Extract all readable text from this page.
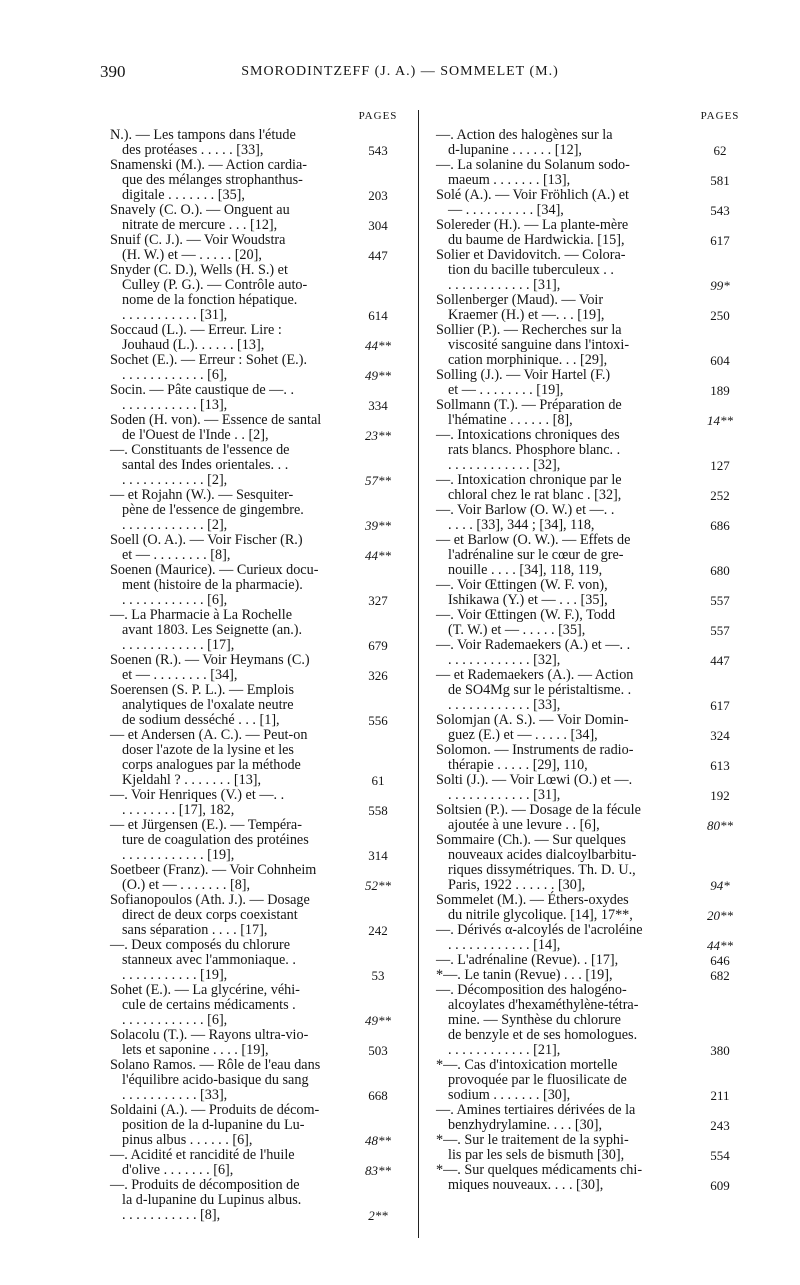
390	SMORODINTZEFF (J. A.) — SOMMELET (M.)
PAGES
N.). — Les tampons dans l'étude
des protéases . . . . . [33],	543
Snamenski (M.). — Action cardia-
que des mélanges strophanthus-
digitale . . . . . . . [35],	203
Snavely (C. O.). — Onguent au
nitrate de mercure . . . [12],	304
Snuif (C. J.). — Voir Woudstra
(H. W.) et — . . . . . [20],	447
Snyder (C. D.), Wells (H. S.) et
Culley (P. G.). — Contrôle auto-
nome de la fonction hépatique.
. . . . . . . . . . . [31],	614
Soccaud (L.). — Erreur. Lire :
Jouhaud (L.). . . . . . [13],	44**
Sochet (E.). — Erreur : Sohet (E.).
. . . . . . . . . . . . [6],	49**
Socin. — Pâte caustique de —. .
. . . . . . . . . . . [13],	334
Soden (H. von). — Essence de santal
de l'Ouest de l'Inde . . [2],	23**
—. Constituants de l'essence de
santal des Indes orientales. . .
. . . . . . . . . . . . [2],	57**
— et Rojahn (W.). — Sesquiter-
pène de l'essence de gingembre.
. . . . . . . . . . . . [2],	39**
Soell (O. A.). — Voir Fischer (R.)
et — . . . . . . . . [8],	44**
Soenen (Maurice). — Curieux docu-
ment (histoire de la pharmacie).
. . . . . . . . . . . . [6],	327
—. La Pharmacie à La Rochelle
avant 1803. Les Seignette (an.).
. . . . . . . . . . . . [17],	679
Soenen (R.). — Voir Heymans (C.)
et — . . . . . . . . [34],	326
Soerensen (S. P. L.). — Emplois
analytiques de l'oxalate neutre
de sodium desséché . . . [1],	556
— et Andersen (A. C.). — Peut-on
doser l'azote de la lysine et les
corps analogues par la méthode
Kjeldahl ? . . . . . . . [13],	61
—. Voir Henriques (V.) et —. .
. . . . . . . . [17], 182,	558
— et Jürgensen (E.). — Tempéra-
ture de coagulation des protéines
. . . . . . . . . . . . [19],	314
Soetbeer (Franz). — Voir Cohnheim
(O.) et — . . . . . . . [8],	52**
Sofianopoulos (Ath. J.). — Dosage
direct de deux corps coexistant
sans séparation . . . . [17],	242
—. Deux composés du chlorure
stanneux avec l'ammoniaque. .
. . . . . . . . . . . [19],	53
Sohet (E.). — La glycérine, véhi-
cule de certains médicaments .
. . . . . . . . . . . . [6],	49**
Solacolu (T.). — Rayons ultra-vio-
lets et saponine . . . . [19],	503
Solano Ramos. — Rôle de l'eau dans
l'équilibre acido-basique du sang
. . . . . . . . . . . [33],	668
Soldaini (A.). — Produits de décom-
position de la d-lupanine du Lu-
pinus albus . . . . . . [6],	48**
—. Acidité et rancidité de l'huile
d'olive . . . . . . . [6],	83**
—. Produits de décomposition de
la d-lupanine du Lupinus albus.
. . . . . . . . . . . [8],	2**
PAGES
—. Action des halogènes sur la
d-lupanine . . . . . . [12],	62
—. La solanine du Solanum sodo-
maeum . . . . . . . [13],	581
Solé (A.). — Voir Fröhlich (A.) et
— . . . . . . . . . . [34],	543
Solereder (H.). — La plante-mère
du baume de Hardwickia. [15],	617
Solier et Davidovitch. — Colora-
tion du bacille tuberculeux . .
. . . . . . . . . . . . [31],	99*
Sollenberger (Maud). — Voir
Kraemer (H.) et —. . . [19],	250
Sollier (P.). — Recherches sur la
viscosité sanguine dans l'intoxi-
cation morphinique. . . [29],	604
Solling (J.). — Voir Hartel (F.)
et — . . . . . . . . [19],	189
Sollmann (T.). — Préparation de
l'hématine . . . . . . [8],	14**
—. Intoxications chroniques des
rats blancs. Phosphore blanc. .
. . . . . . . . . . . . [32],	127
—. Intoxication chronique par le
chloral chez le rat blanc . [32],	252
—. Voir Barlow (O. W.) et —. .
. . . . [33], 344 ; [34], 118,	686
— et Barlow (O. W.). — Effets de
l'adrénaline sur le cœur de gre-
nouille . . . . [34], 118, 119,	680
—. Voir Œttingen (W. F. von),
Ishikawa (Y.) et — . . . [35],	557
—. Voir Œttingen (W. F.), Todd
(T. W.) et — . . . . . [35],	557
—. Voir Rademaekers (A.) et —. .
. . . . . . . . . . . . [32],	447
— et Rademaekers (A.). — Action
de SO4Mg sur le péristaltisme. .
. . . . . . . . . . . . [33],	617
Solomjan (A. S.). — Voir Domin-
guez (E.) et — . . . . . [34],	324
Solomon. — Instruments de radio-
thérapie . . . . . [29], 110,	613
Solti (J.). — Voir Lœwi (O.) et —.
. . . . . . . . . . . . [31],	192
Soltsien (P.). — Dosage de la fécule
ajoutée à une levure . . [6],	80**
Sommaire (Ch.). — Sur quelques
nouveaux acides dialcoylbarbitu-
riques dissymétriques. Th. D. U.,
Paris, 1922 . . . . . . [30],	94*
Sommelet (M.). — Éthers-oxydes
du nitrile glycolique. [14], 17**,	20**
—. Dérivés α-alcoylés de l'acroléine
. . . . . . . . . . . . [14],	44**
—. L'adrénaline (Revue). . [17],	646
*—. Le tanin (Revue) . . . [19],	682
—. Décomposition des halogéno-
alcoylates d'hexaméthylène-tétra-
mine. — Synthèse du chlorure
de benzyle et de ses homologues.
. . . . . . . . . . . . [21],	380
*—. Cas d'intoxication mortelle
provoquée par le fluosilicate de
sodium . . . . . . . [30],	211
—. Amines tertiaires dérivées de la
benzhydrylamine. . . . [30],	243
*—. Sur le traitement de la syphi-
lis par les sels de bismuth [30],	554
*—. Sur quelques médicaments chi-
miques nouveaux. . . . [30],	609
